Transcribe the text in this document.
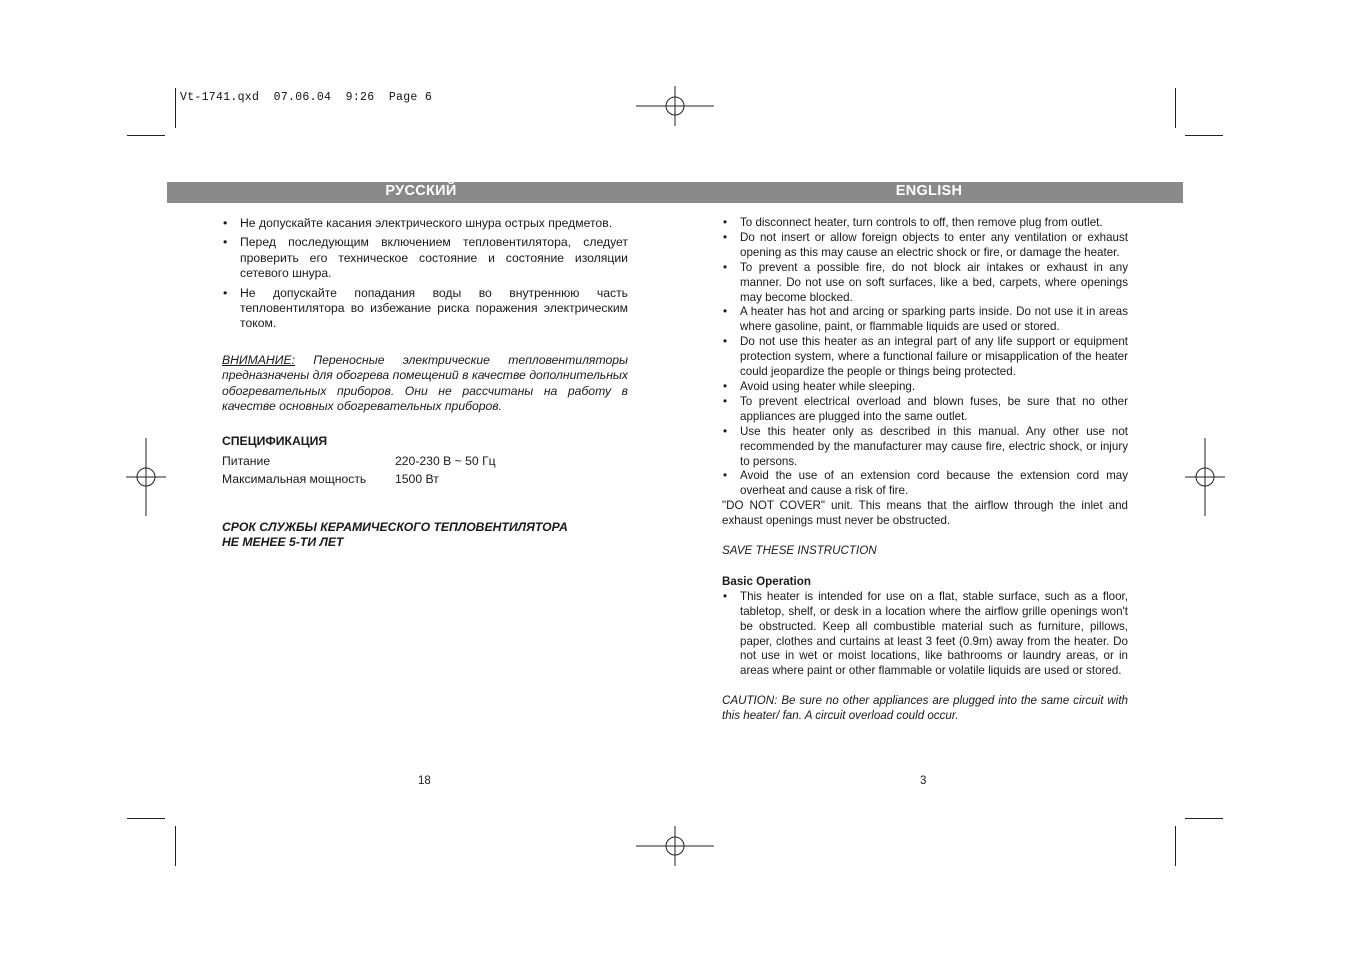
Vt-1741.qxd  07.06.04  9:26  Page 6
РУССКИЙ	ENGLISH
• Не допускайте касания электрического шнура острых предметов.
• Перед последующим включением тепловентилятора, следует проверить его техническое состояние и состояние изоляции сетевого шнура.
• Не допускайте попадания воды во внутреннюю часть тепловентилятора во избежание риска поражения электрическим током.

ВНИМАНИЕ: Переносные электрические тепловентиляторы предназначены для обогрева помещений в качестве дополнительных обогревательных приборов. Они не рассчитаны на работу в качестве основных обогревательных приборов.

СПЕЦИФИКАЦИЯ
Питание	220-230 В ~ 50 Гц
Максимальная мощность	1500 Вт
СРОК СЛУЖБЫ КЕРАМИЧЕСКОГО ТЕПЛОВЕНТИЛЯТОРА
НЕ МЕНЕЕ 5-ТИ ЛЕТ
• To disconnect heater, turn controls to off, then remove plug from outlet.
• Do not insert or allow foreign objects to enter any ventilation or exhaust opening as this may cause an electric shock or fire, or damage the heater.
• To prevent a possible fire, do not block air intakes or exhaust in any manner. Do not use on soft surfaces, like a bed, carpets, where openings may become blocked.
• A heater has hot and arcing or sparking parts inside. Do not use it in areas where gasoline, paint, or flammable liquids are used or stored.
• Do not use this heater as an integral part of any life support or equipment protection system, where a functional failure or misapplication of the heater could jeopardize the people or things being protected.
• Avoid using heater while sleeping.
• To prevent electrical overload and blown fuses, be sure that no other appliances are plugged into the same outlet.
• Use this heater only as described in this manual. Any other use not recommended by the manufacturer may cause fire, electric shock, or injury to persons.
• Avoid the use of an extension cord because the extension cord may overheat and cause a risk of fire.

"DO NOT COVER" unit. This means that the airflow through the inlet and exhaust openings must never be obstructed.

SAVE THESE INSTRUCTION

Basic Operation
• This heater is intended for use on a flat, stable surface, such as a floor, tabletop, shelf, or desk in a location where the airflow grille openings won't be obstructed. Keep all combustible material such as furniture, pillows, paper, clothes and curtains at least 3 feet (0.9m) away from the heater. Do not use in wet or moist locations, like bathrooms or laundry areas, or in areas where paint or other flammable or volatile liquids are used or stored.

CAUTION: Be sure no other appliances are plugged into the same circuit with this heater/ fan. A circuit overload could occur.

18	3
